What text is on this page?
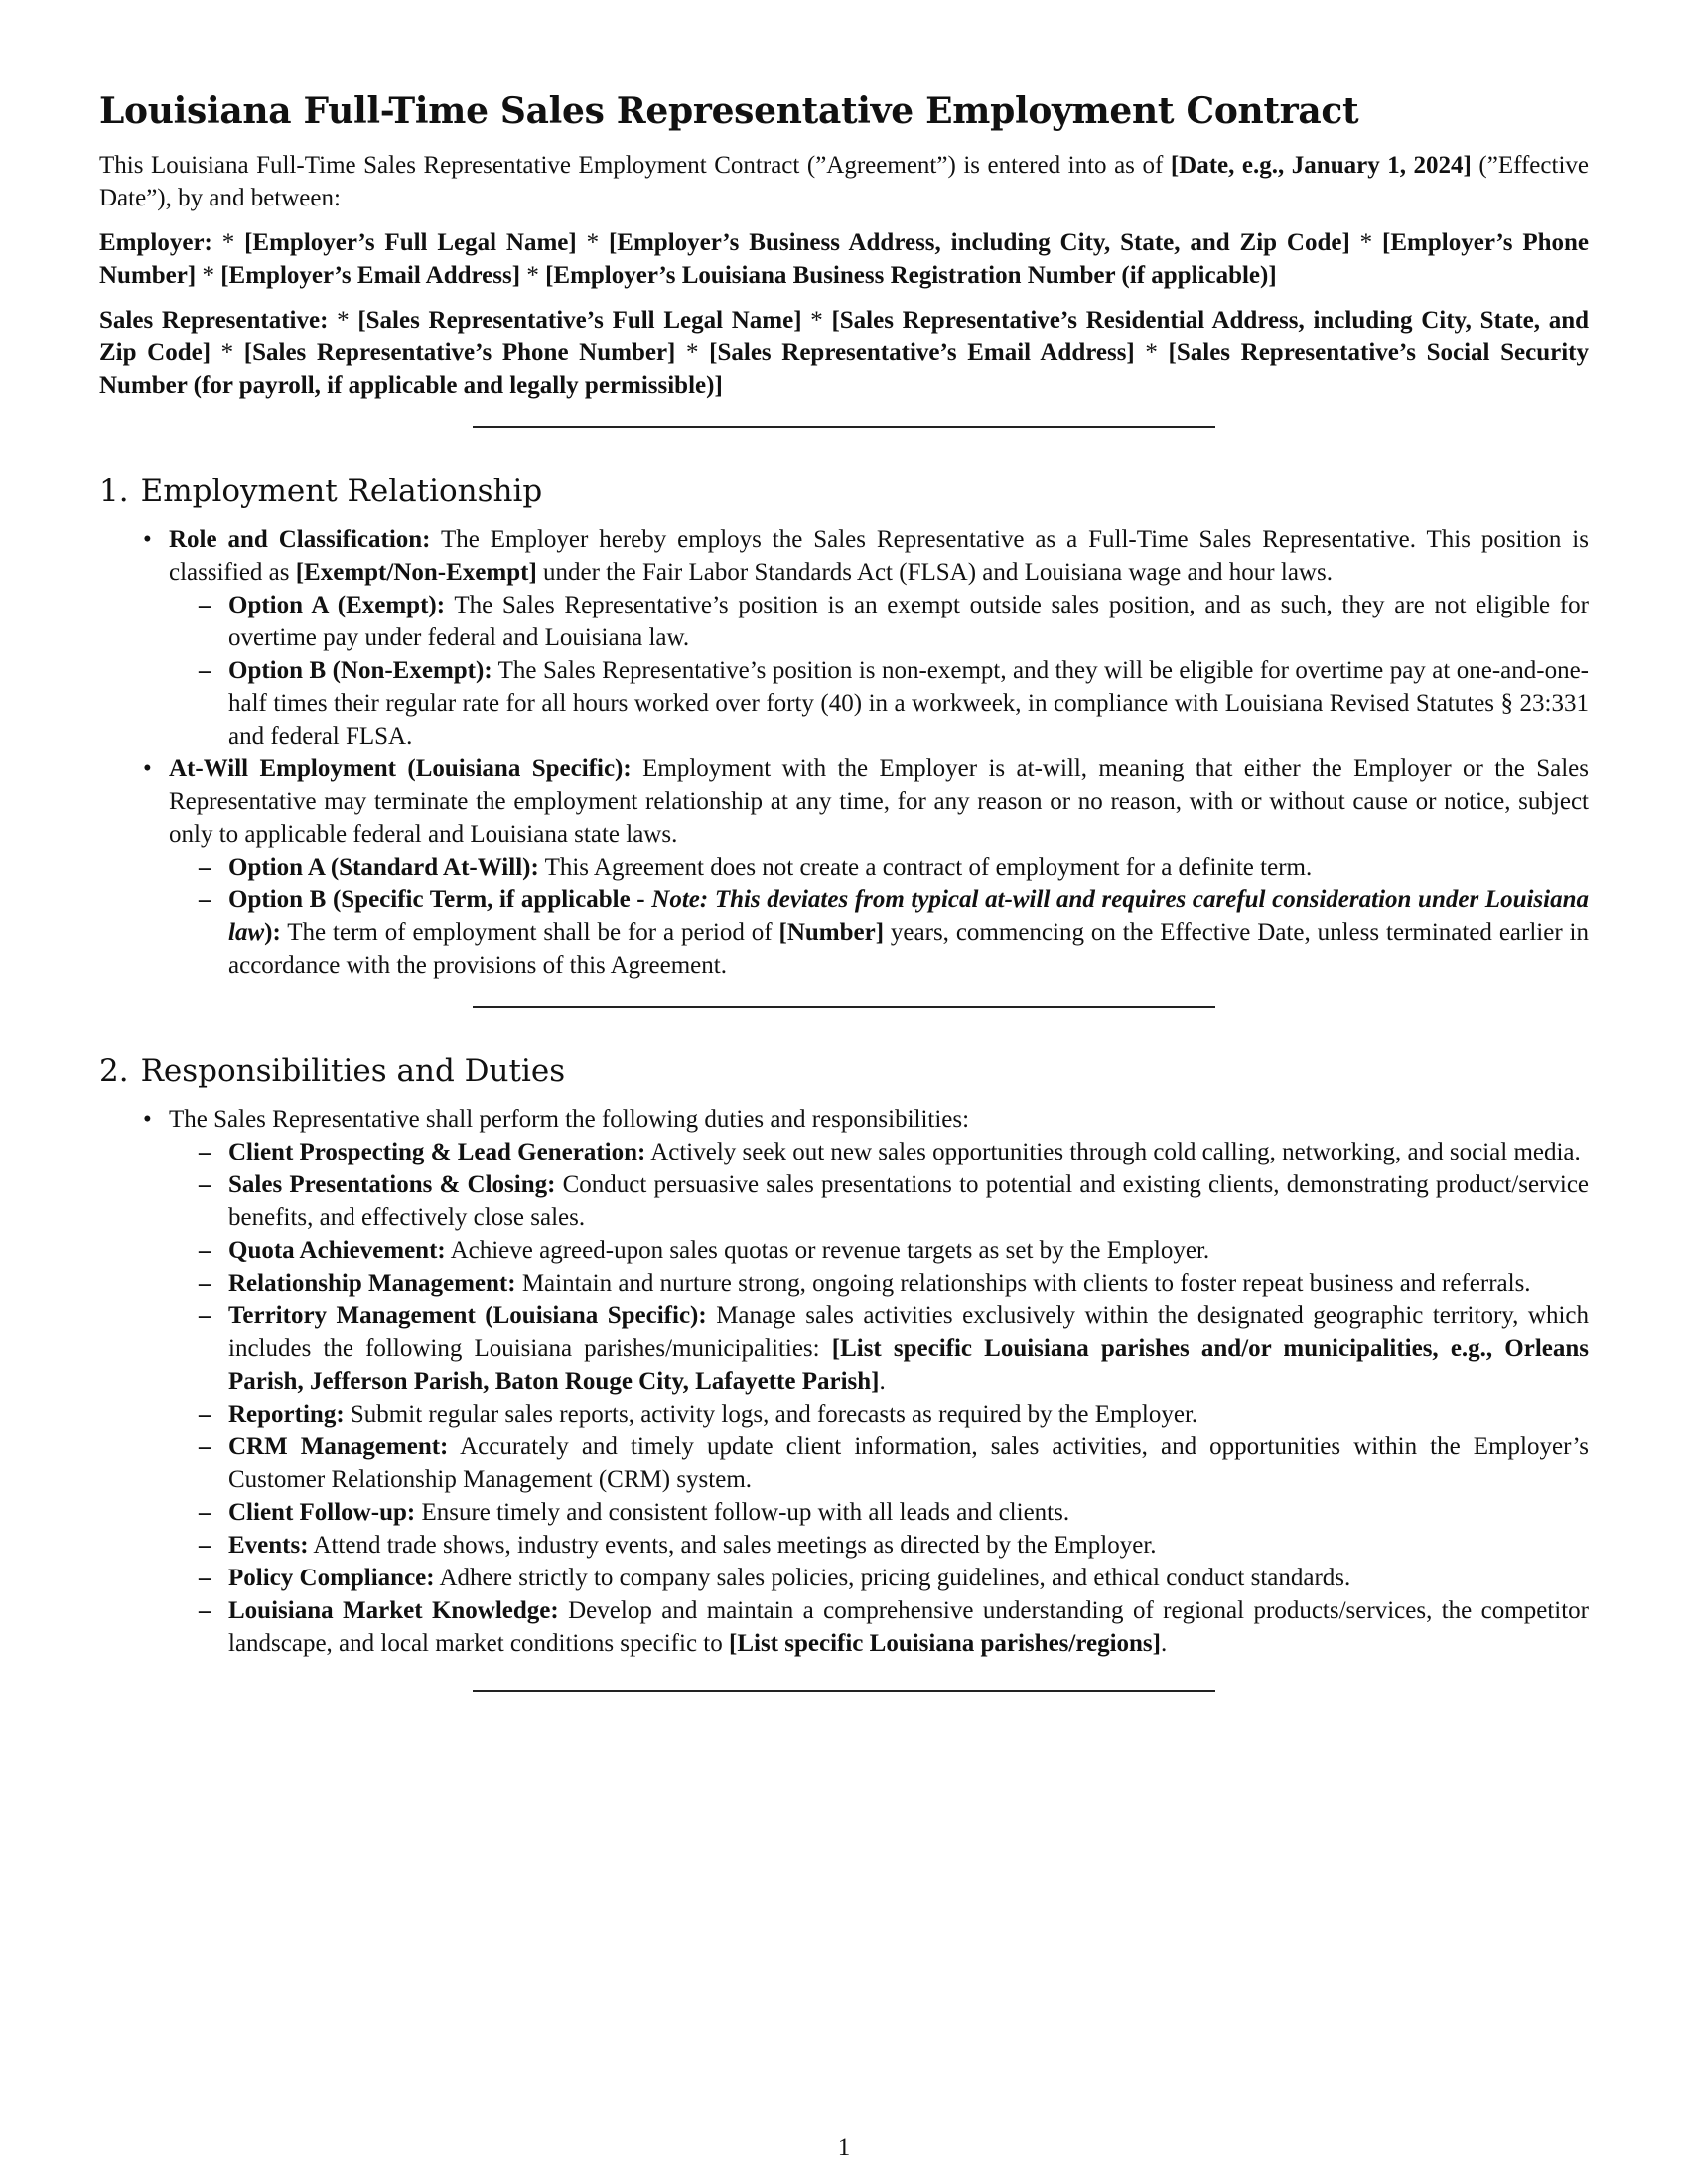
Louisiana Full-Time Sales Representative Employment Contract

This Louisiana Full-Time Sales Representative Employment Contract (”Agreement”) is entered into as of [Date, e.g., January 1, 2024] (”Effective Date”), by and between:

Employer: * [Employer’s Full Legal Name] * [Employer’s Business Address, including City, State, and Zip Code] * [Employer’s Phone Number] * [Employer’s Email Address] * [Employer’s Louisiana Business Registration Number (if applicable)]
Sales Representative: * [Sales Representative’s Full Legal Name] * [Sales Representative’s Residential Address, including City, State, and Zip Code] * [Sales Representative’s Phone Number] * [Sales Representative’s Email Address] * [Sales Representative’s Social Security Number (for payroll, if applicable and legally permissible)]
1. Employment Relationship
• Role and Classification: The Employer hereby employs the Sales Representative as a Full-Time Sales Representative. This position is classified as [Exempt/Non-Exempt] under the Fair Labor Standards Act (FLSA) and Louisiana wage and hour laws.
– Option A (Exempt): The Sales Representative’s position is an exempt outside sales position, and as such, they are not eligible for overtime pay under federal and Louisiana law.
– Option B (Non-Exempt): The Sales Representative’s position is non-exempt, and they will be eligible for overtime pay at one-and-one-half times their regular rate for all hours worked over forty (40) in a workweek, in compliance with Louisiana Revised Statutes § 23:331 and federal FLSA.
• At-Will Employment (Louisiana Specific): Employment with the Employer is at-will, meaning that either the Employer or the Sales Representative may terminate the employment relationship at any time, for any reason or no reason, with or without cause or notice, subject only to applicable federal and Louisiana state laws.
– Option A (Standard At-Will): This Agreement does not create a contract of employment for a definite term.
– Option B (Specific Term, if applicable - Note: This deviates from typical at-will and requires careful consideration under Louisiana law): The term of employment shall be for a period of [Number] years, commencing on the Effective Date, unless terminated earlier in accordance with the provisions of this Agreement.
2. Responsibilities and Duties
• The Sales Representative shall perform the following duties and responsibilities:
– Client Prospecting & Lead Generation: Actively seek out new sales opportunities through cold calling, networking, and social media.
– Sales Presentations & Closing: Conduct persuasive sales presentations to potential and existing clients, demonstrating product/service benefits, and effectively close sales.
– Quota Achievement: Achieve agreed-upon sales quotas or revenue targets as set by the Employer.
– Relationship Management: Maintain and nurture strong, ongoing relationships with clients to foster repeat business and referrals.
– Territory Management (Louisiana Specific): Manage sales activities exclusively within the designated geographic territory, which includes the following Louisiana parishes/municipalities: [List specific Louisiana parishes and/or municipalities, e.g., Orleans Parish, Jefferson Parish, Baton Rouge City, Lafayette Parish].
– Reporting: Submit regular sales reports, activity logs, and forecasts as required by the Employer.
– CRM Management: Accurately and timely update client information, sales activities, and opportunities within the Employer’s Customer Relationship Management (CRM) system.
– Client Follow-up: Ensure timely and consistent follow-up with all leads and clients.
– Events: Attend trade shows, industry events, and sales meetings as directed by the Employer.
– Policy Compliance: Adhere strictly to company sales policies, pricing guidelines, and ethical conduct standards.
– Louisiana Market Knowledge: Develop and maintain a comprehensive understanding of regional products/services, the competitor landscape, and local market conditions specific to [List specific Louisiana parishes/regions].
1
